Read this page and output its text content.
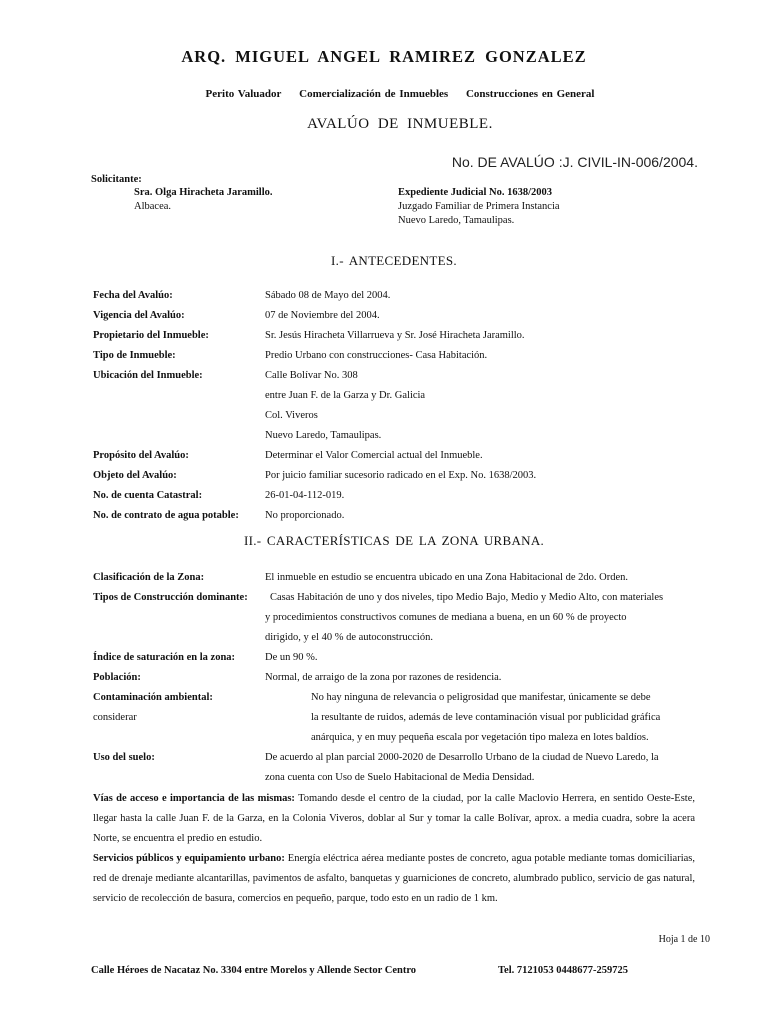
ARQ. MIGUEL ANGEL RAMIREZ GONZALEZ
Perito Valuador Comercialización de Inmuebles Construcciones en General
AVALÚO DE INMUEBLE.
No. DE AVALÚO :J. CIVIL-IN-006/2004.
Solicitante:
Sra. Olga Hiracheta Jaramillo.
Albacea.
Expediente Judicial No. 1638/2003
Juzgado Familiar de Primera Instancia
Nuevo Laredo, Tamaulipas.
I.- ANTECEDENTES.
Fecha del Avalúo:	Sábado 08 de Mayo del 2004.
Vigencia del Avalúo:	07 de Noviembre del 2004.
Propietario del Inmueble:	Sr. Jesús Hiracheta Villarrueva y Sr. José Hiracheta Jaramillo.
Tipo de Inmueble:	Predio Urbano con construcciones- Casa Habitación.
Ubicación del Inmueble:	Calle Bolívar No. 308
entre Juan F. de la Garza y Dr. Galicia
Col. Viveros
Nuevo Laredo, Tamaulipas.
Propósito del Avalúo:	Determinar el Valor Comercial actual del Inmueble.
Objeto del Avalúo:	Por juicio familiar sucesorio radicado en el Exp. No. 1638/2003.
No. de cuenta Catastral:	26-01-04-112-019.
No. de contrato de agua potable: No proporcionado.
II.- CARACTERÍSTICAS DE LA ZONA URBANA.
Clasificación de la Zona:	El inmueble en estudio se encuentra ubicado en una Zona Habitacional de 2do. Orden.
Tipos de Construcción dominante: Casas Habitación de uno y dos niveles, tipo Medio Bajo, Medio y Medio Alto, con materiales
y procedimientos constructivos comunes de mediana a buena, en un 60 % de proyecto
dirigido, y el 40 % de autoconstrucción.
Índice de saturación en la zona:	De un 90 %.
Población:	Normal, de arraigo de la zona por razones de residencia.
Contaminación ambiental:	No hay ninguna de relevancia o peligrosidad que manifestar, únicamente se debe
considerar	la resultante de ruidos, además de leve contaminación visual por publicidad gráfica
anárquica, y en muy pequeña escala por vegetación tipo maleza en lotes baldíos.
Uso del suelo:	De acuerdo al plan parcial 2000-2020 de Desarrollo Urbano de la ciudad de Nuevo Laredo, la
zona cuenta con Uso de Suelo Habitacional de Media Densidad.
Vías de acceso e importancia de las mismas: Tomando desde el centro de la ciudad, por la calle Maclovio Herrera, en sentido Oeste-Este, llegar hasta la calle Juan F. de la Garza, en la Colonia Viveros, doblar al Sur y tomar la calle Bolívar, aprox. a media cuadra, sobre la acera Norte, se encuentra el predio en estudio.
Servicios públicos y equipamiento urbano: Energía eléctrica aérea mediante postes de concreto, agua potable mediante tomas domiciliarias, red de drenaje mediante alcantarillas, pavimentos de asfalto, banquetas y guarniciones de concreto, alumbrado publico, servicio de gas natural, servicio de recolección de basura, comercios en pequeño, parque, todo esto en un radio de 1 km.
Hoja 1 de 10
Calle Héroes de Nacataz No. 3304 entre Morelos y Allende Sector Centro	Tel. 7121053 0448677-259725
